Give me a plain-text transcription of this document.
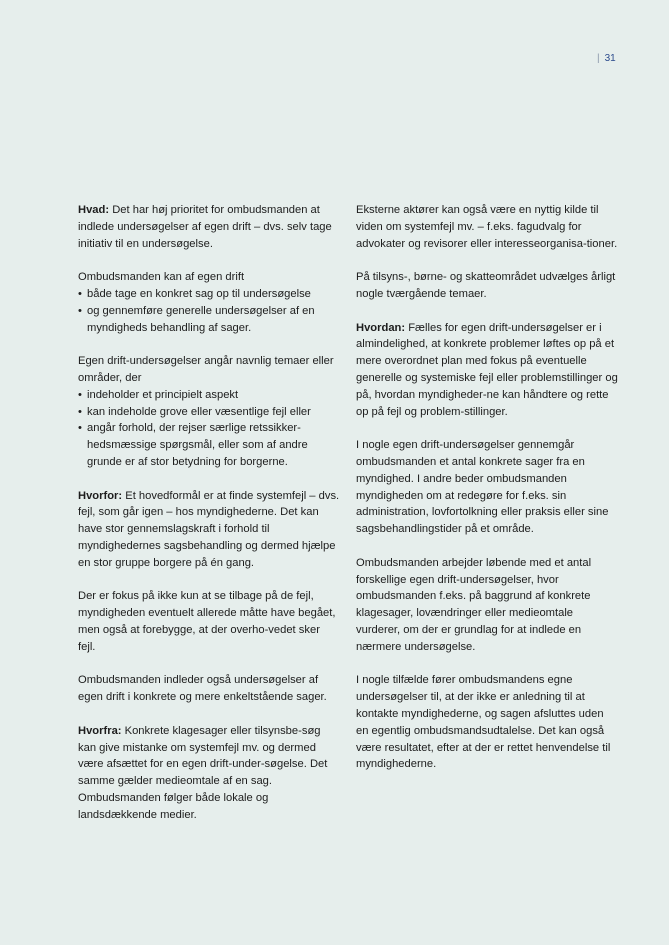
| 31

Hvad: Det har høj prioritet for ombudsmanden at indlede undersøgelser af egen drift – dvs. selv tage initiativ til en undersøgelse.

Ombudsmanden kan af egen drift

• både tage en konkret sag op til undersøgelse
• og gennemføre generelle undersøgelser af en myndigheds behandling af sager.

Egen drift-undersøgelser angår navnlig temaer eller områder, der

• indeholder et principielt aspekt
• kan indeholde grove eller væsentlige fejl eller
• angår forhold, der rejser særlige retssikker-hedsmæssige spørgsmål, eller som af andre grunde er af stor betydning for borgerne.

Hvorfor: Et hovedformål er at finde systemfejl – dvs. fejl, som går igen – hos myndighederne. Det kan have stor gennemslagskraft i forhold til myndighedernes sagsbehandling og dermed hjælpe en stor gruppe borgere på én gang.

Der er fokus på ikke kun at se tilbage på de fejl, myndigheden eventuelt allerede måtte have begået, men også at forebygge, at der overho-vedet sker fejl.

Ombudsmanden indleder også undersøgelser af egen drift i konkrete og mere enkeltstående sager.

Hvorfra: Konkrete klagesager eller tilsynsbe-søg kan give mistanke om systemfejl mv. og dermed være afsættet for en egen drift-under-søgelse. Det samme gælder medieomtale af en sag. Ombudsmanden følger både lokale og landsdækkende medier.

Eksterne aktører kan også være en nyttig kilde til viden om systemfejl mv. – f.eks. fagudvalg for advokater og revisorer eller interesseorganisa-tioner.

På tilsyns-, børne- og skatteområdet udvælges årligt nogle tværgående temaer.

Hvordan: Fælles for egen drift-undersøgelser er i almindelighed, at konkrete problemer løftes op på et mere overordnet plan med fokus på eventuelle generelle og systemiske fejl eller problemstillinger og på, hvordan myndigheder-ne kan håndtere og rette op på fejl og problem-stillinger.

I nogle egen drift-undersøgelser gennemgår ombudsmanden et antal konkrete sager fra en myndighed. I andre beder ombudsmanden myndigheden om at redegøre for f.eks. sin administration, lovfortolkning eller praksis eller sine sagsbehandlingstider på et område.

Ombudsmanden arbejder løbende med et antal forskellige egen drift-undersøgelser, hvor ombudsmanden f.eks. på baggrund af konkrete klagesager, lovændringer eller medieomtale vurderer, om der er grundlag for at indlede en nærmere undersøgelse.

I nogle tilfælde fører ombudsmandens egne undersøgelser til, at der ikke er anledning til at kontakte myndighederne, og sagen afsluttes uden en egentlig ombudsmandsudtalelse. Det kan også være resultatet, efter at der er rettet henvendelse til myndighederne.
